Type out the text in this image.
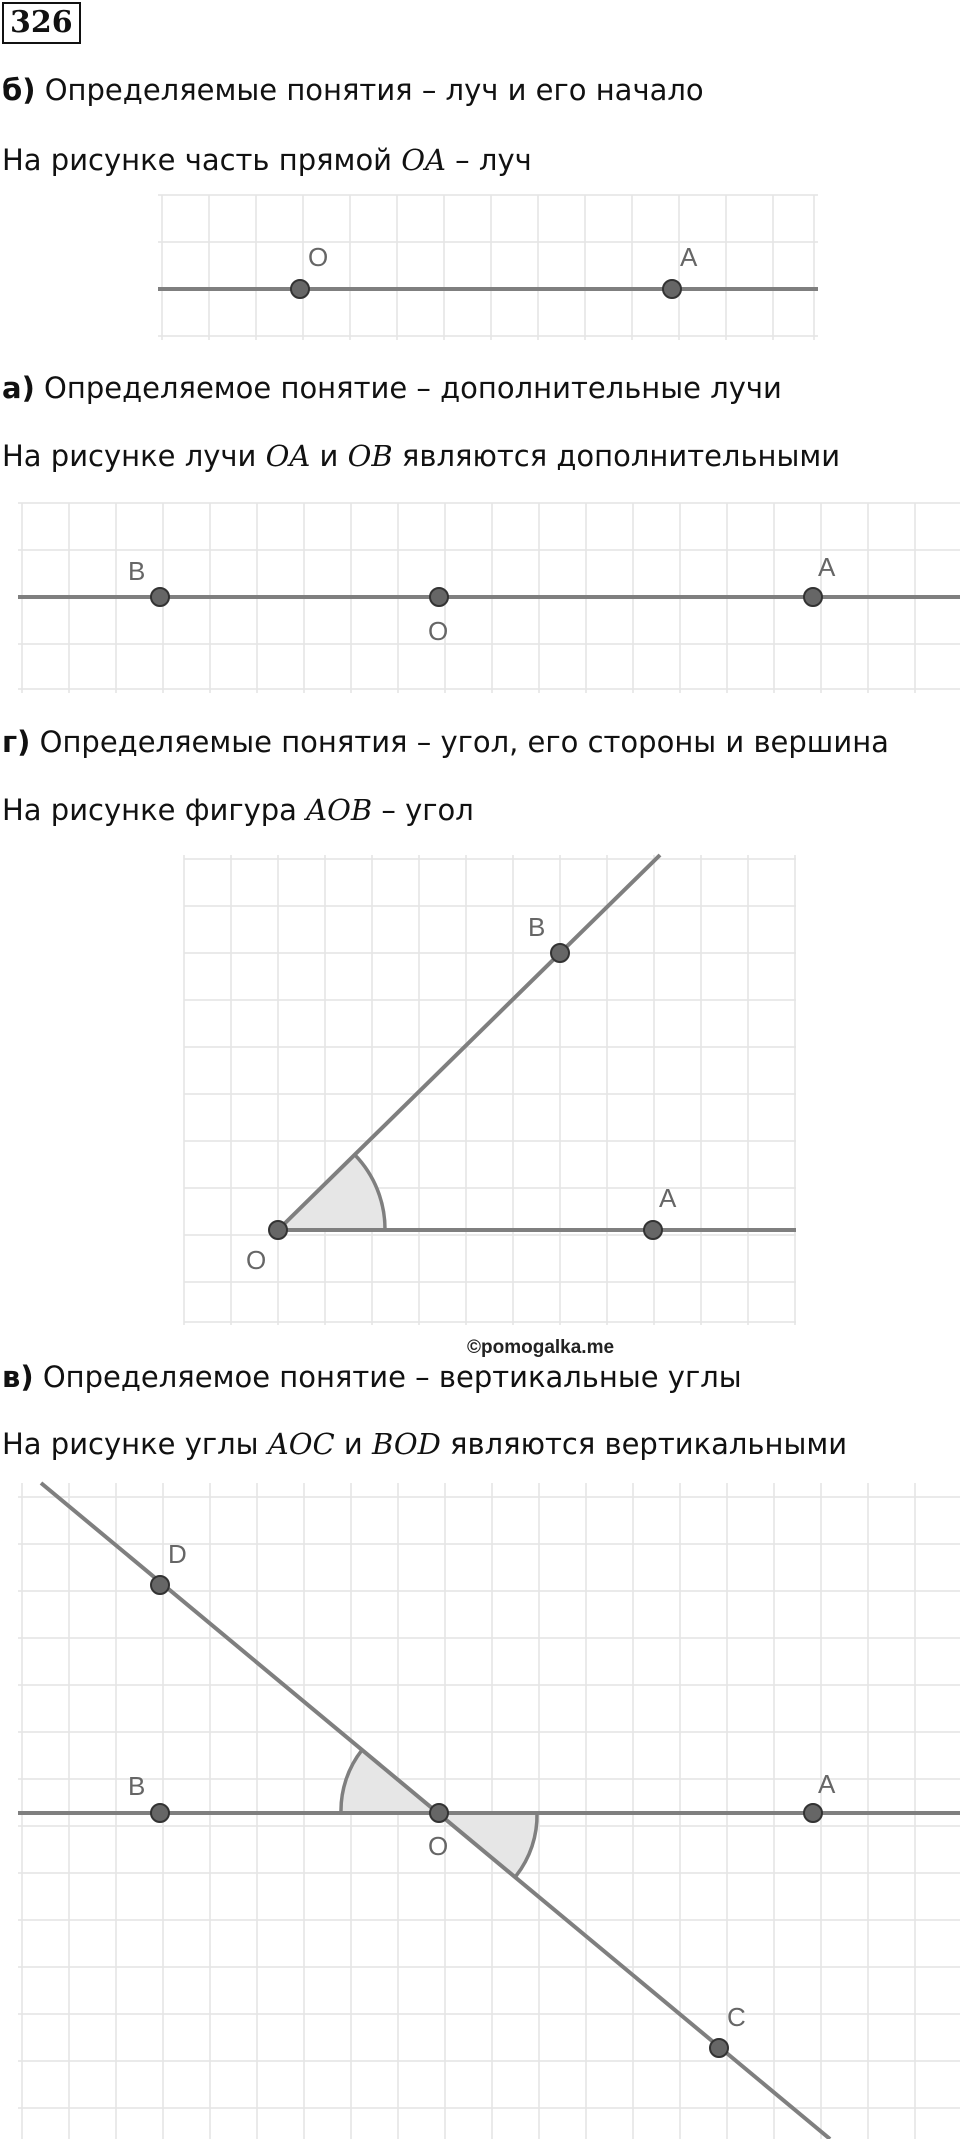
326
б) Определяемые понятия – луч и его начало
На рисунке часть прямой OA – луч
O	A
а) Определяемое понятие – дополнительные лучи
На рисунке лучи OA и OB являются дополнительными
B
O
A
г) Определяемые понятия – угол, его стороны и вершина
На рисунке фигура AOB – угол
O
B
A
©pomogalka.me
в) Определяемое понятие – вертикальные углы
На рисунке углы AOC и BOD являются вертикальными
D
B
O
A
C
